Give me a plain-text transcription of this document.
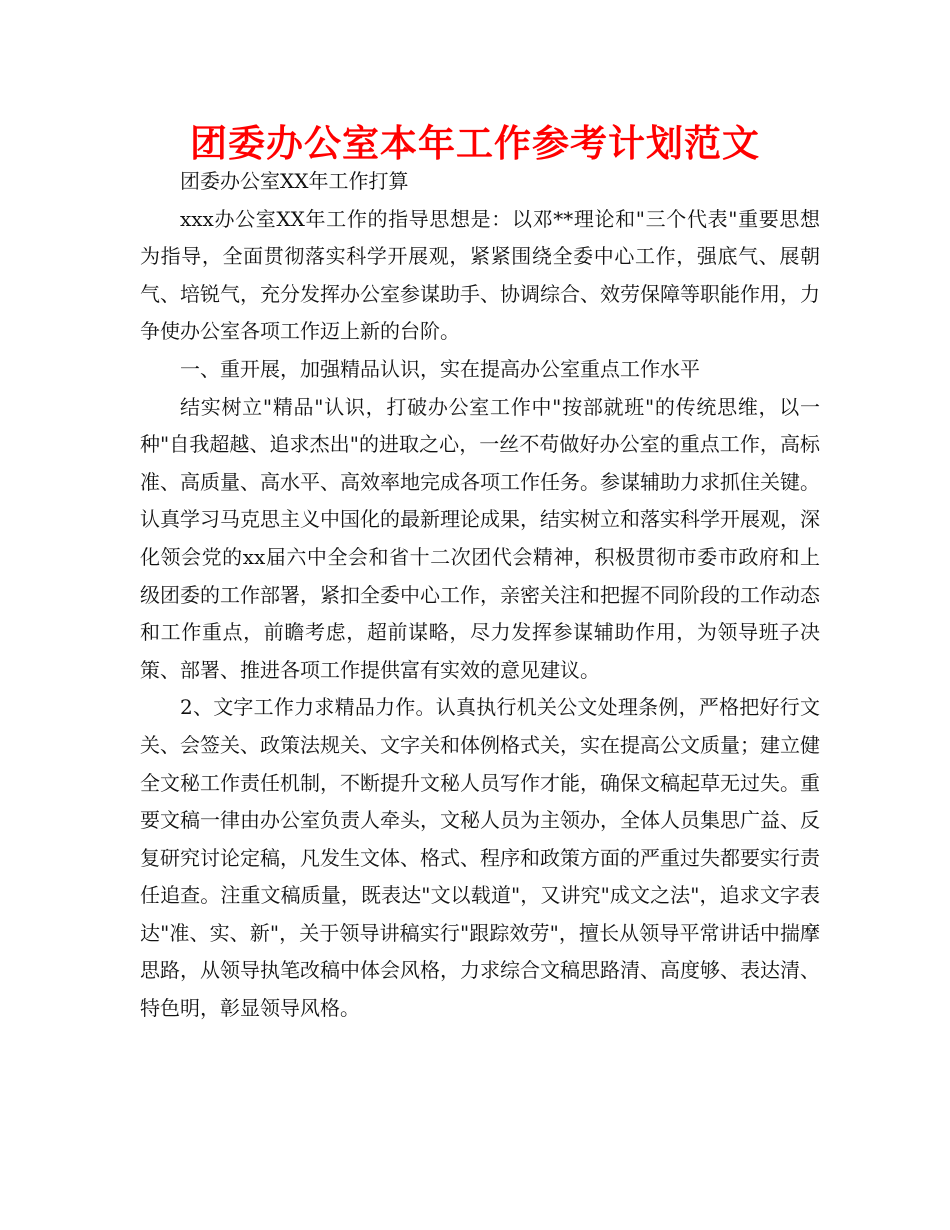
团委办公室本年工作参考计划范文

团委办公室XX年工作打算

xxx办公室XX年工作的指导思想是：以邓**理论和"三个代表"重要思想为指导，全面贯彻落实科学开展观，紧紧围绕全委中心工作，强底气、展朝气、培锐气，充分发挥办公室参谋助手、协调综合、效劳保障等职能作用，力争使办公室各项工作迈上新的台阶。

一、重开展，加强精品认识，实在提高办公室重点工作水平

结实树立"精品"认识，打破办公室工作中"按部就班"的传统思维，以一种"自我超越、追求杰出"的进取之心，一丝不苟做好办公室的重点工作，高标准、高质量、高水平、高效率地完成各项工作任务。参谋辅助力求抓住关键。认真学习马克思主义中国化的最新理论成果，结实树立和落实科学开展观，深化领会党的xx届六中全会和省十二次团代会精神，积极贯彻市委市政府和上级团委的工作部署，紧扣全委中心工作，亲密关注和把握不同阶段的工作动态和工作重点，前瞻考虑，超前谋略，尽力发挥参谋辅助作用，为领导班子决策、部署、推进各项工作提供富有实效的意见建议。

2、文字工作力求精品力作。认真执行机关公文处理条例，严格把好行文关、会签关、政策法规关、文字关和体例格式关，实在提高公文质量；建立健全文秘工作责任机制，不断提升文秘人员写作才能，确保文稿起草无过失。重要文稿一律由办公室负责人牵头，文秘人员为主领办，全体人员集思广益、反复研究讨论定稿，凡发生文体、格式、程序和政策方面的严重过失都要实行责任追查。注重文稿质量，既表达"文以载道"，又讲究"成文之法"，追求文字表达"准、实、新"，关于领导讲稿实行"跟踪效劳"，擅长从领导平常讲话中揣摩思路，从领导执笔改稿中体会风格，力求综合文稿思路清、高度够、表达清、特色明，彰显领导风格。
